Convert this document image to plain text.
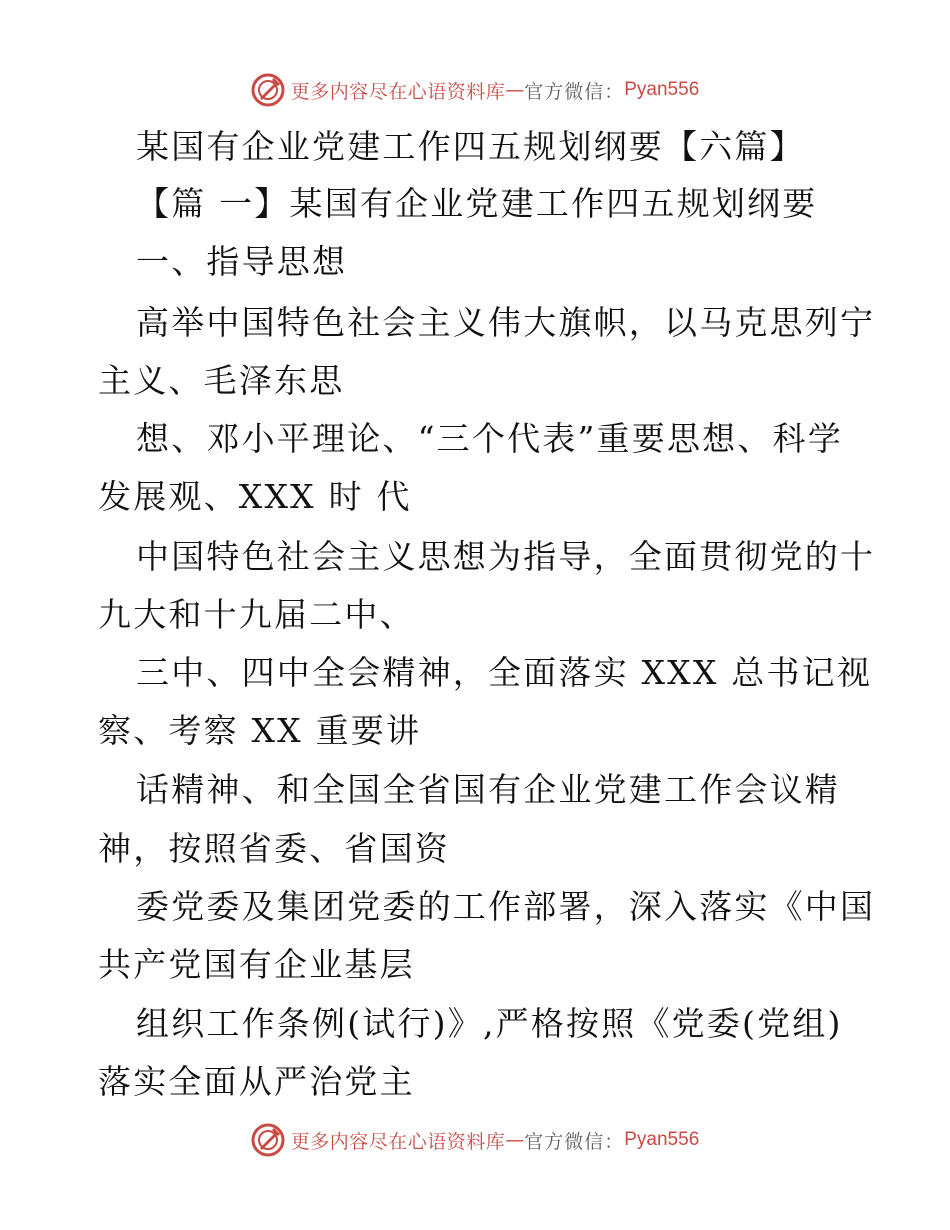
更多内容尽在心语资料库 — 官方微信： Pyan556
某国有企业党建工作四五规划纲要【六篇】
【篇 一】某国有企业党建工作四五规划纲要
一、指导思想
高举中国特色社会主义伟大旗帜，以马克思列宁
主义、毛泽东思
想、邓小平理论、“三个代表”重要思想、科学
发展观、XXX 时 代
中国特色社会主义思想为指导，全面贯彻党的十
九大和十九届二中、
三中、四中全会精神，全面落实 XXX 总书记视
察、考察 XX 重要讲
话精神、和全国全省国有企业党建工作会议精
神，按照省委、省国资
委党委及集团党委的工作部署，深入落实《中国
共产党国有企业基层
组织工作条例(试行)》,严格按照《党委(党组)
落实全面从严治党主
更多内容尽在心语资料库 — 官方微信： Pyan556
